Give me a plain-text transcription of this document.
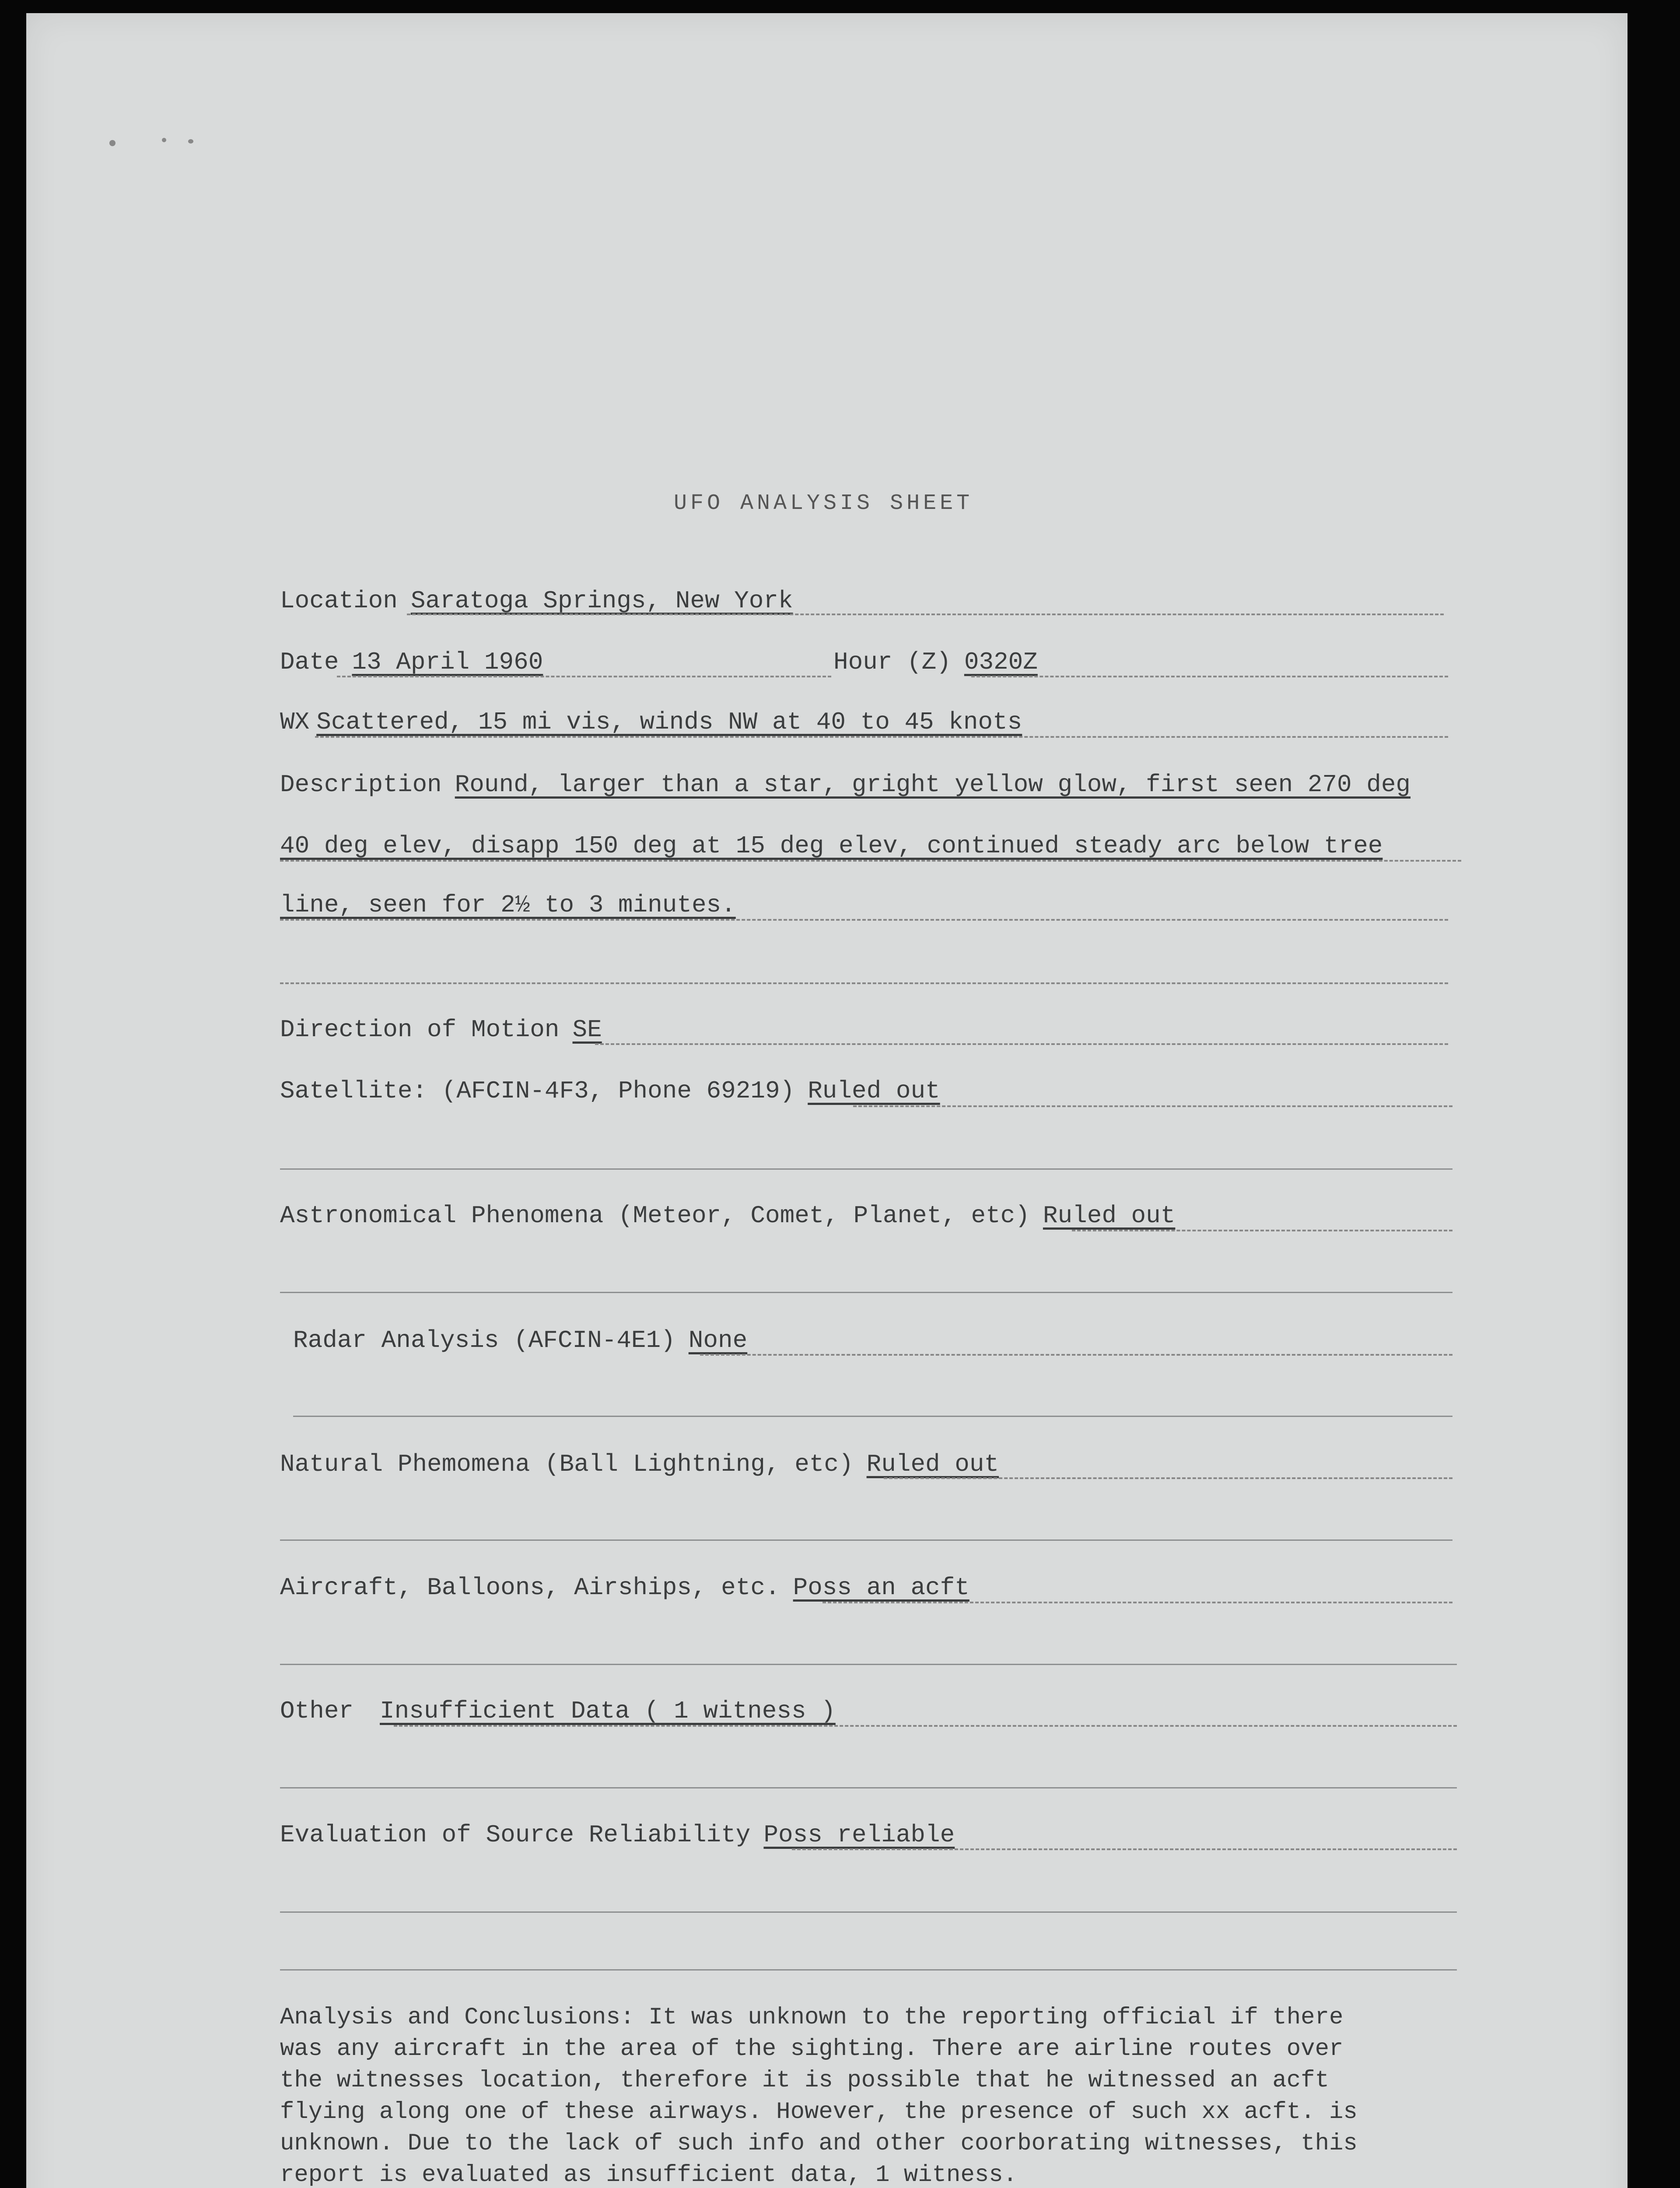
UFO ANALYSIS SHEET
Location Saratoga Springs, New York
Date 13 April 1960	Hour (Z) 0320Z
WX Scattered, 15 mi vis, winds NW at 40 to 45 knots
Description Round, larger than a star, gright yellow glow, first seen 270 deg
40 deg elev, disapp 150 deg at 15 deg elev, continued steady arc below tree
line, seen for 2½ to 3 minutes.
Direction of Motion SE
Satellite: (AFCIN-4F3, Phone 69219) Ruled out
Astronomical Phenomena (Meteor, Comet, Planet, etc) Ruled out
Radar Analysis (AFCIN-4E1) None
Natural Phemomena (Ball Lightning, etc) Ruled out
Aircraft, Balloons, Airships, etc. Poss an acft
Other Insufficient Data ( 1 witness )
Evaluation of Source Reliability Poss reliable

Analysis and Conclusions: It was unknown to the reporting official if there

was any aircraft in the area of the sighting. There are airline routes over

the witnesses location, therefore it is possible that he witnessed an acft

flying along one of these airways. However, the presence of such xx acft. is

unknown. Due to the lack of such info and other coorborating witnesses, this

report is evaluated as insufficient data, 1 witness.
